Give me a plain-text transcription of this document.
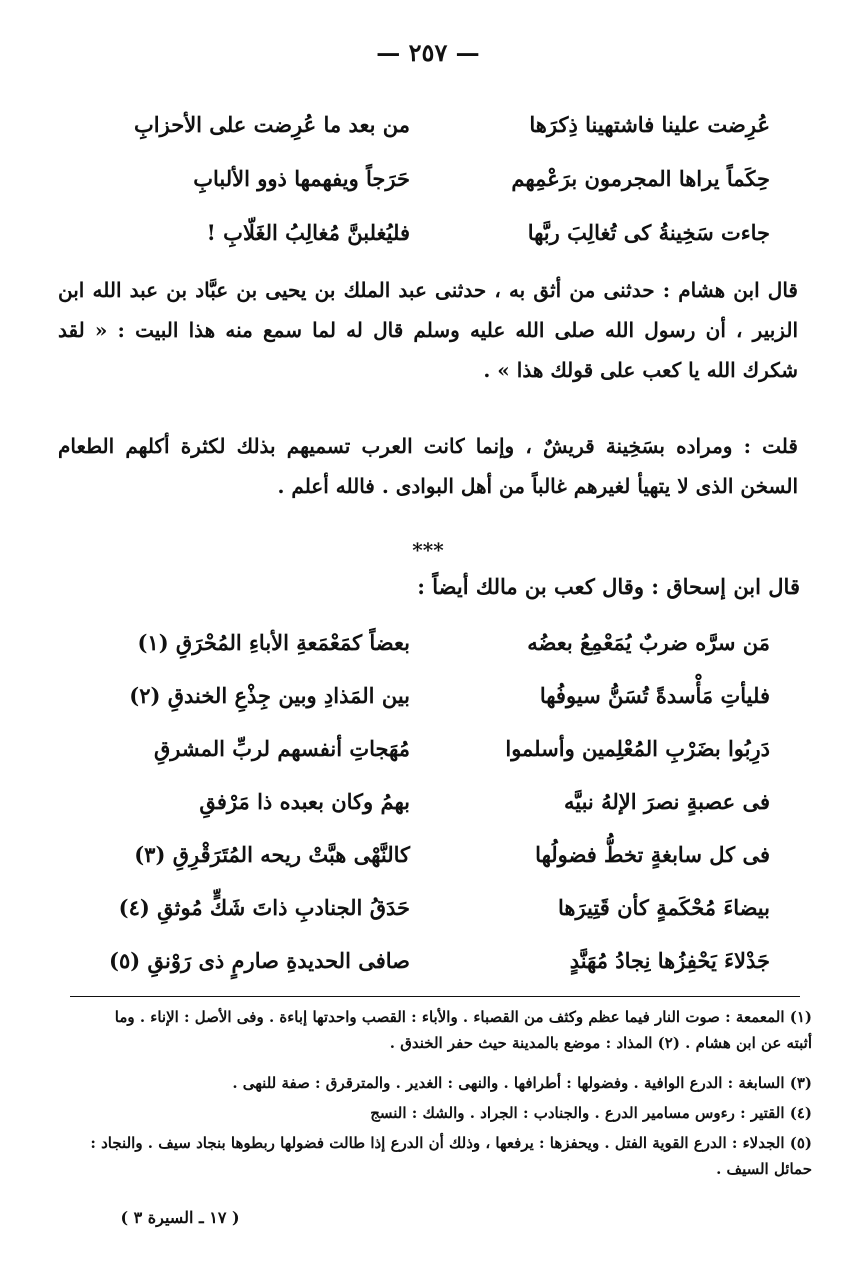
— ٢٥٧ —
عُرِضت علينا فاشتهينا ذِكرَها
من بعد ما عُرِضت على الأحزابِ
حِكَماً يراها المجرمون برَعْمِهم
حَرَجاً ويفهمها ذوو الألبابِ
جاءت سَخِينةُ كى تُغالِبَ ربَّها
فليُغلبنَّ مُغالِبُ الغَلّابِ !

قال ابن هشام : حدثنى من أثق به ، حدثنى عبد الملك بن يحيى بن عبَّاد بن عبد الله ابن الزبير ، أن رسول الله صلى الله عليه وسلم قال له لما سمع منه هذا البيت : « لقد شكرك الله يا كعب على قولك هذا » .

قلت : ومراده بسَخِينة قريشٌ ، وإنما كانت العرب تسميهم بذلك لكثرة أكلهم الطعام السخن الذى لا يتهيأ لغيرهم غالباً من أهل البوادى . فالله أعلم .

***
قال ابن إسحاق : وقال كعب بن مالك أيضاً :
مَن سرَّه ضربٌ يُمَعْمِعُ بعضُه
بعضاً كمَعْمَعةِ الأباءِ المُحْرَقِ (١)
فليأتِ مَأْسدةً تُسَنُّ سيوفُها
بين المَذادِ وبين جِذْعِ الخندقِ (٢)
دَرِبُوا بضَرْبِ المُعْلِمين وأسلموا
مُهَجاتِ أنفسهم لربِّ المشرقِ
فى عصبةٍ نصرَ الإلهُ نبيَّه
بهمُ وكان بعبده ذا مَرْفقِ
فى كل سابغةٍ تخطُّ فضولُها
كالنَّهْى هبَّتْ ريحه المُتَرَقْرِقِ (٣)
بيضاءَ مُحْكَمةٍ كأن قَتِيرَها
حَدَقُ الجنادبِ ذاتَ شَكٍّ مُوثقِ (٤)
جَدْلاءَ يَحْفِزُها نِجادُ مُهَنَّدٍ
صافى الحديدةِ صارمٍ ذى رَوْنقِ (٥)
(١) المعمعة : صوت النار فيما عظم وكثف من القصباء . والأباء : القصب واحدتها إباءة . وفى الأصل : الإناء . وما أثبته عن ابن هشام . (٢) المذاد : موضع بالمدينة حيث حفر الخندق .
(٣) السابغة : الدرع الوافية . وفضولها : أطرافها . والنهى : الغدير . والمترقرق : صفة للنهى .
(٤) القتير : رءوس مسامير الدرع . والجنادب : الجراد . والشك : النسج
(٥) الجدلاء : الدرع القوية الفتل . ويحفزها : يرفعها ، وذلك أن الدرع إذا طالت فضولها ربطوها بنجاد سيف . والنجاد : حمائل السيف .
( ١٧ ـ السيرة ٣ )
